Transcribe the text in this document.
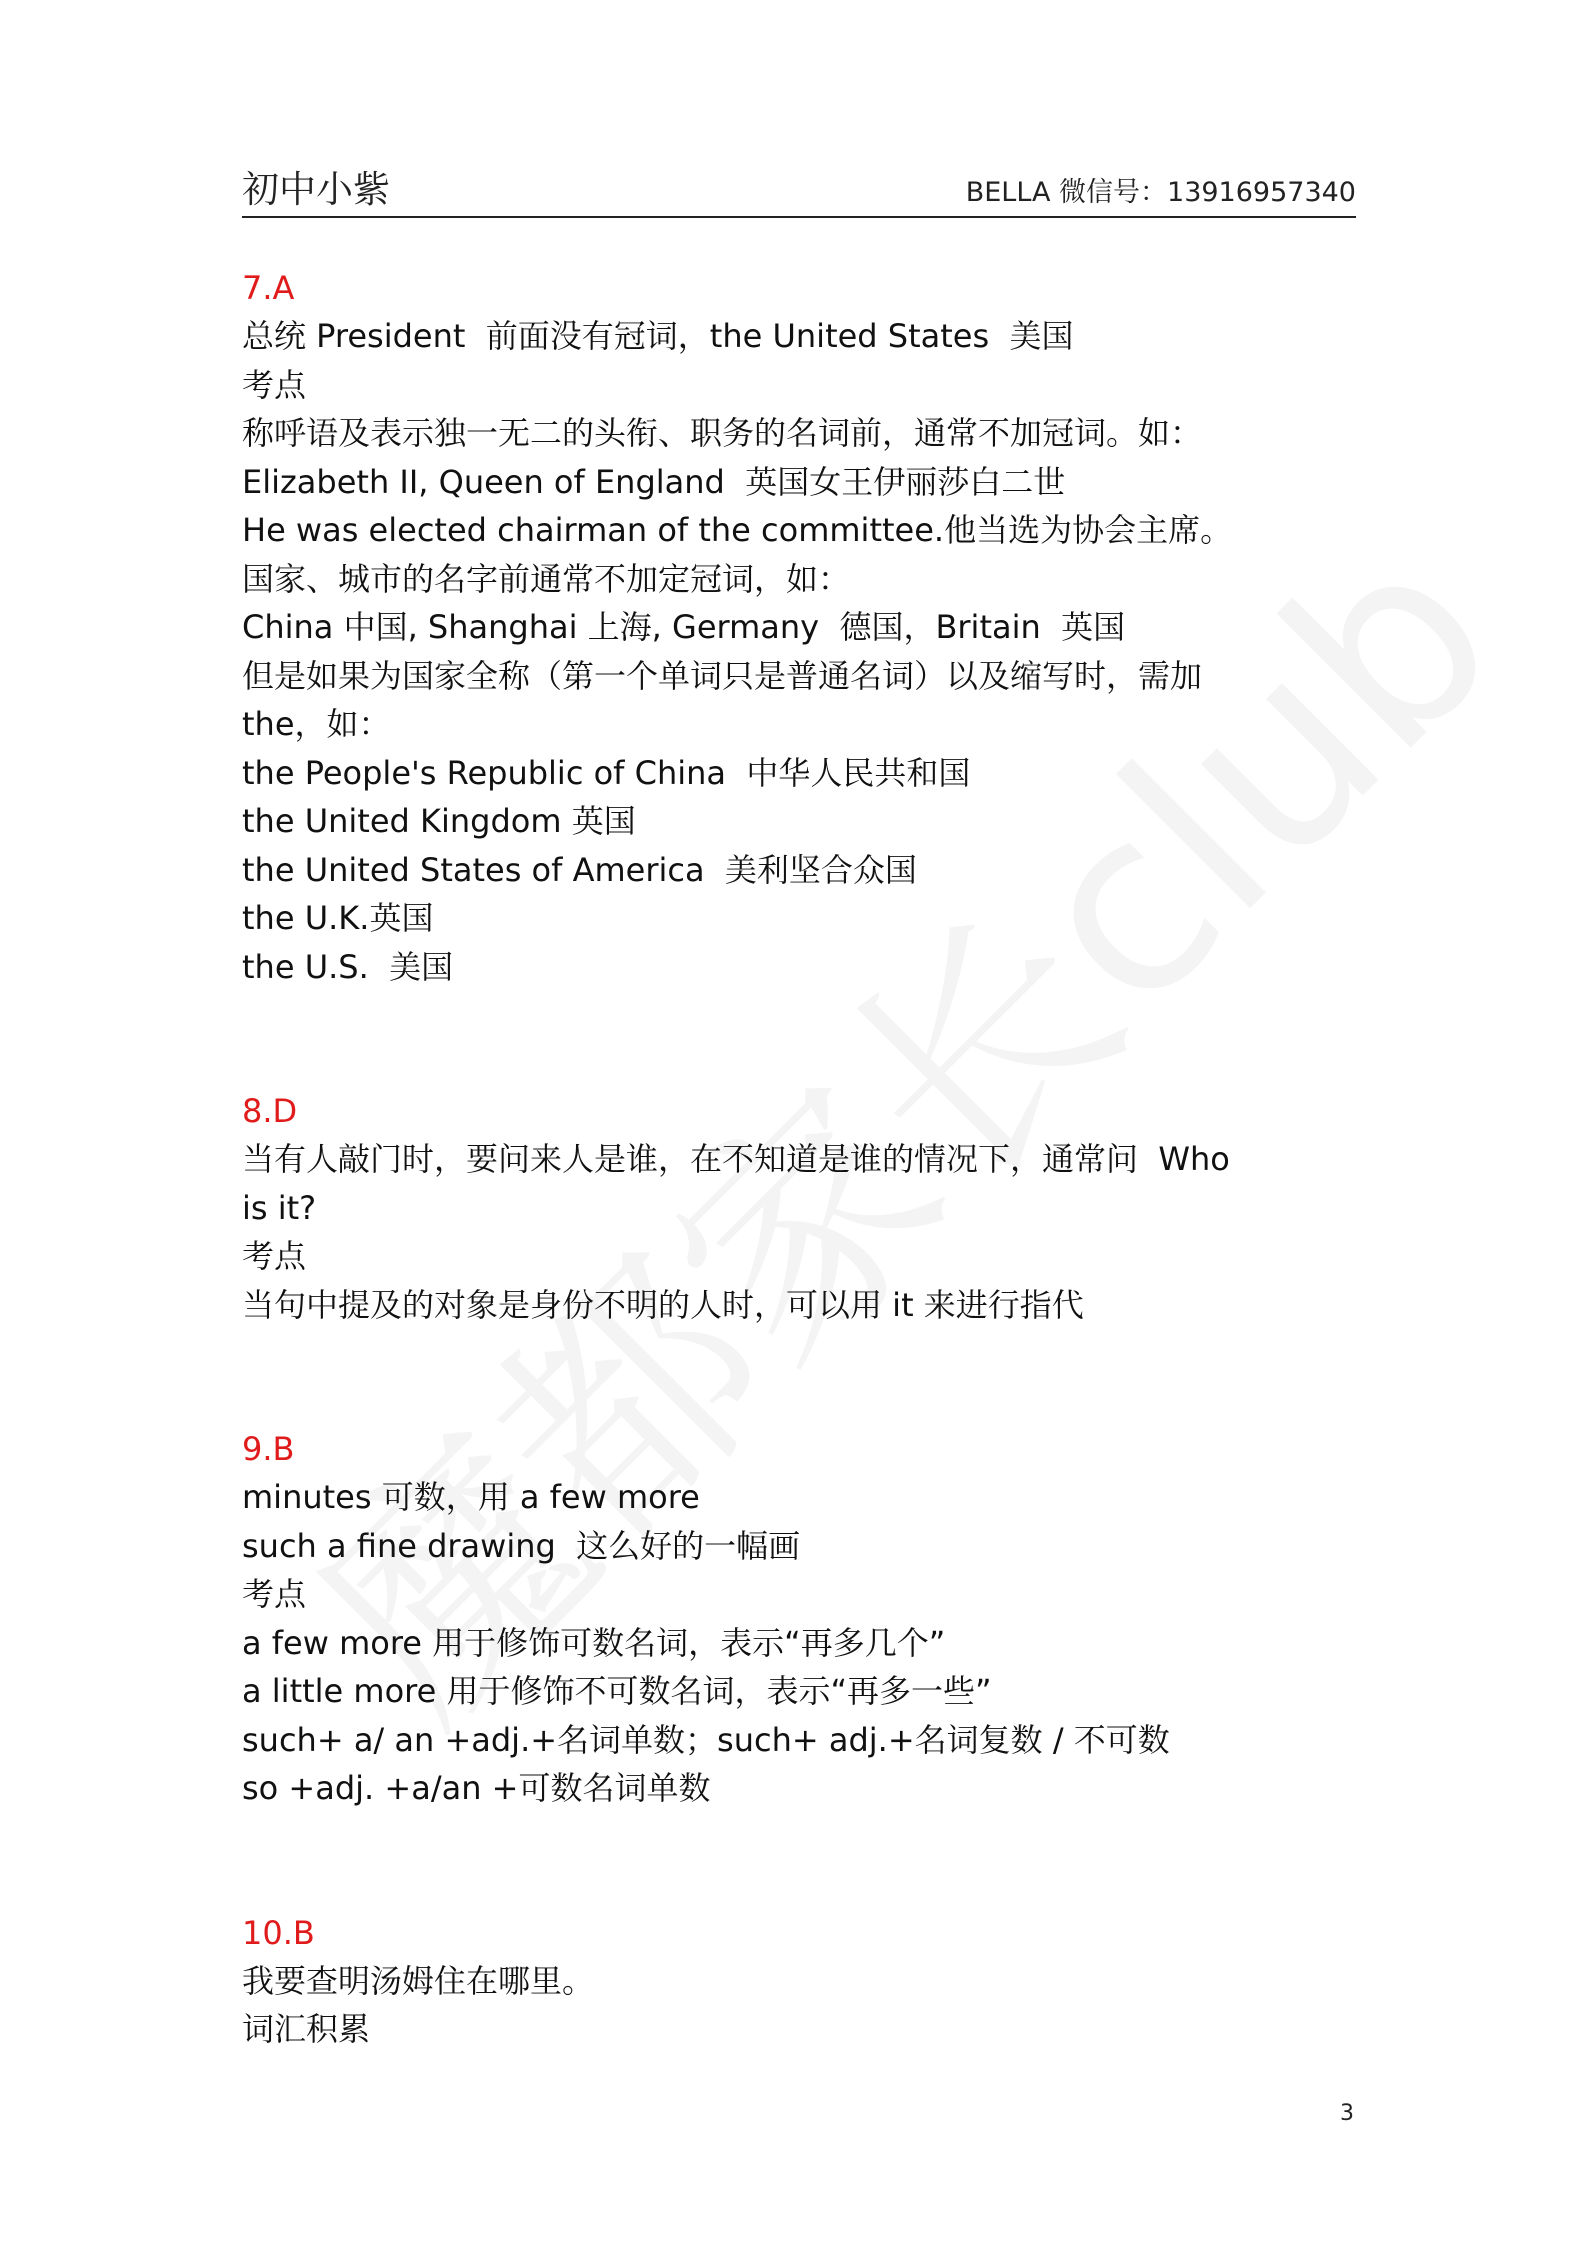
初中小紫	BELLA 微信号：13916957340
7.A
总统 President  前面没有冠词，the United States  美国
考点
称呼语及表示独一无二的头衔、职务的名词前，通常不加冠词。如：
Elizabeth II, Queen of England  英国女王伊丽莎白二世
He was elected chairman of the committee.他当选为协会主席。
国家、城市的名字前通常不加定冠词，如：
China 中国, Shanghai 上海, Germany  德国，Britain  英国
但是如果为国家全称（第一个单词只是普通名词）以及缩写时，需加
the，如：
the People's Republic of China  中华人民共和国
the United Kingdom 英国
the United States of America  美利坚合众国
the U.K.英国
the U.S.  美国
8.D
当有人敲门时，要问来人是谁，在不知道是谁的情况下，通常问  Who
is it?
考点
当句中提及的对象是身份不明的人时，可以用 it 来进行指代
9.B
minutes 可数，用 a few more
such a fine drawing  这么好的一幅画
考点
a few more 用于修饰可数名词，表示“再多几个”
a little more 用于修饰不可数名词，表示“再多一些”
such+ a/ an +adj.+名词单数；such+ adj.+名词复数 / 不可数
so +adj. +a/an +可数名词单数
10.B
我要查明汤姆住在哪里。
词汇积累
3
